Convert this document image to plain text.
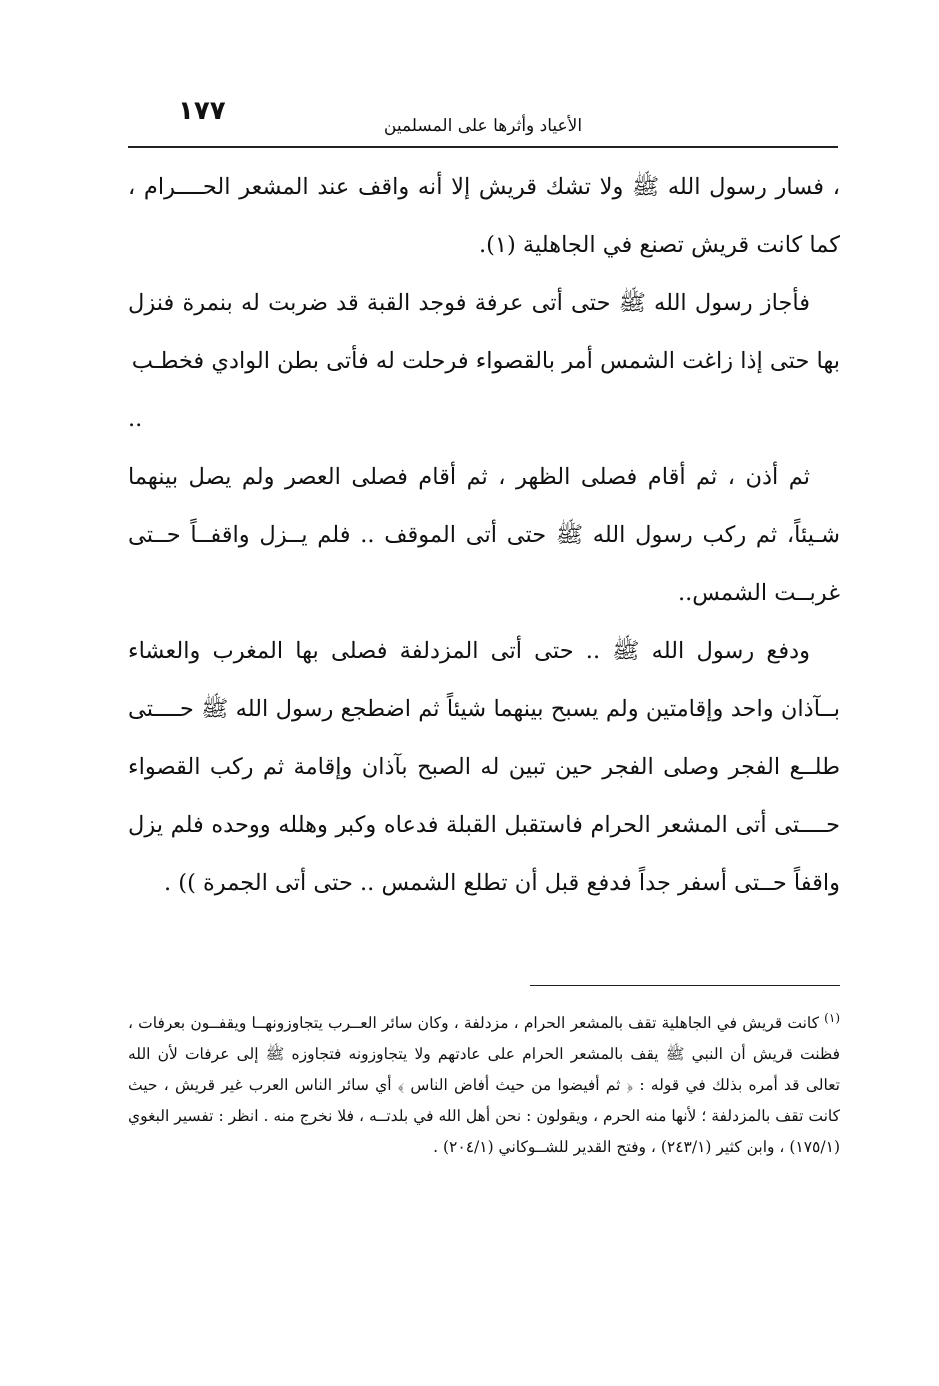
١٧٧	الأعياد وأثرها على المسلمين

، فسار رسول الله ﷺ ولا تشك قريش إلا أنه واقف عند المشعر الحــــرام ، كما كانت قريش تصنع في الجاهلية (١).

فأجاز رسول الله ﷺ حتى أتى عرفة فوجد القبة قد ضربت له بنمرة فنزل بها حتى إذا زاغت الشمس أمر بالقصواء فرحلت له فأتى بطن الوادي فخطـب

..

ثم أذن ، ثم أقام فصلى الظهر ، ثم أقام فصلى العصر ولم يصل بينهما شـيئاً، ثم ركب رسول الله ﷺ حتى أتى الموقف .. فلم يــزل واقفــاً حــتى غربــت الشمس..

ودفع رسول الله ﷺ .. حتى أتى المزدلفة فصلى بها المغرب والعشاء بــآذان واحد وإقامتين ولم يسبح بينهما شيئاً ثم اضطجع رسول الله ﷺ حــــتى طلــع الفجر وصلى الفجر حين تبين له الصبح بآذان وإقامة ثم ركب القصواء حــــتى أتى المشعر الحرام فاستقبل القبلة فدعاه وكبر وهلله ووحده فلم يزل واقفاً حــتى أسفر جداً فدفع قبل أن تطلع الشمس .. حتى أتى الجمرة )) .

$^{(١)}$ كانت قريش في الجاهلية تقف بالمشعر الحرام ، مزدلفة ، وكان سائر العــرب يتجاوزونهــا ويقفــون بعرفات ، فظنت قريش أن النبي ﷺ يقف بالمشعر الحرام على عادتهم ولا يتجاوزونه فتجاوزه ﷺ إلى عرفات لأن الله تعالى قد أمره بذلك في قوله : ﴿ ثم أفيضوا من حيث أفاض الناس ﴾ أي سائر الناس العرب غير قريش ، حيث كانت تقف بالمزدلفة ؛ لأنها منه الحرم ، ويقولون : نحن أهل الله في بلدتــه ، فلا نخرج منه . انظر : تفسير البغوي (١٧٥/١) ، وابن كثير (٢٤٣/١) ، وفتح القدير للشــوكاني (٢٠٤/١) .
